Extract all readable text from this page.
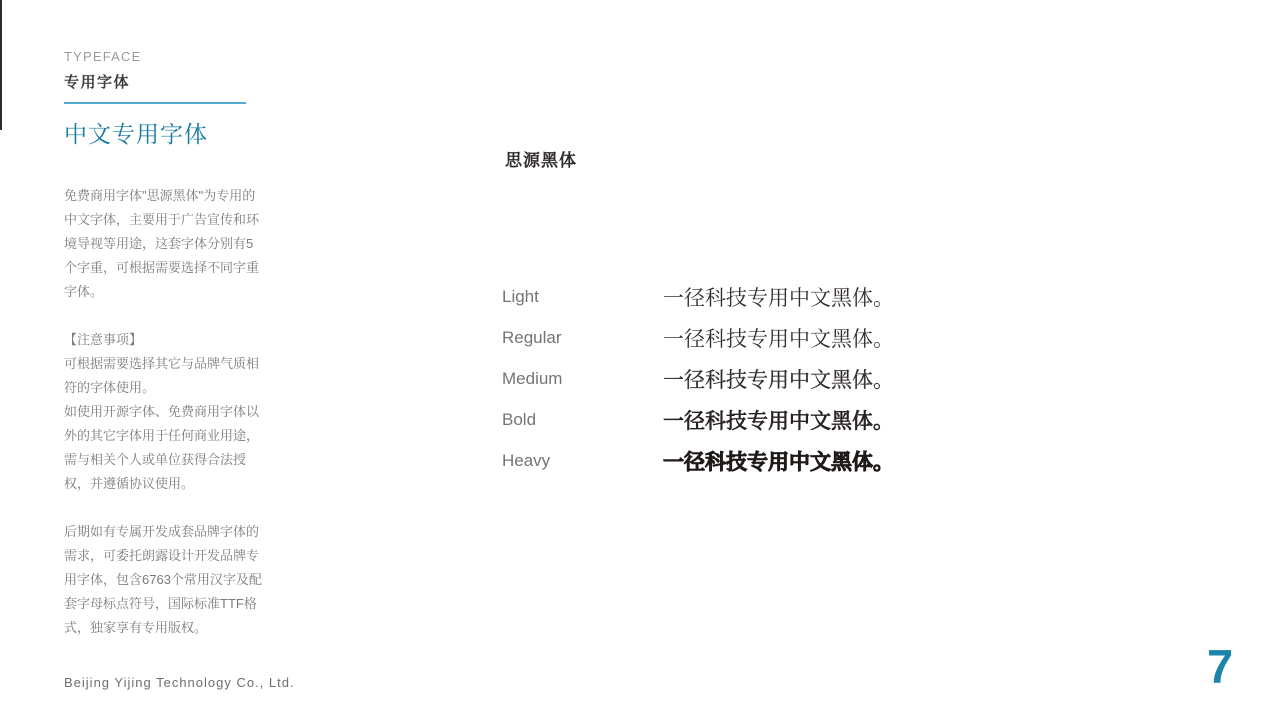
TYPEFACE
专用字体
中文专用字体

免费商用字体"思源黑体"为专用的中文字体，主要用于广告宣传和环境导视等用途，这套字体分别有5个字重，可根据需要选择不同字重字体。

【注意事项】
可根据需要选择其它与品牌气质相符的字体使用。
如使用开源字体、免费商用字体以外的其它字体用于任何商业用途，需与相关个人或单位获得合法授权，并遵循协议使用。

后期如有专属开发成套品牌字体的需求，可委托朗露设计开发品牌专用字体，包含6763个常用汉字及配套字母标点符号，国际标准TTF格式，独家享有专用版权。

思源黑体
Light	一径科技专用中文黑体。
Regular	一径科技专用中文黑体。
Medium	一径科技专用中文黑体。
Bold	一径科技专用中文黑体。
Heavy	一径科技专用中文黑体。
Beijing Yijing Technology Co., Ltd.	7
